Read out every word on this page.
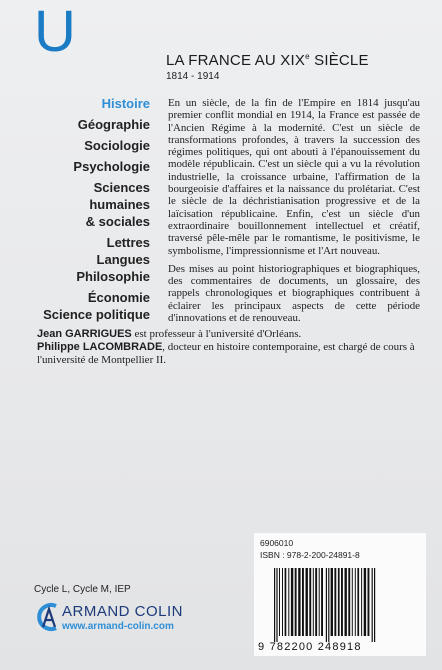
U	LA FRANCE AU XIXe SIÈCLE
1814 - 1914
Histoire
Géographie
Sociologie
Psychologie
Sciences
humaines
& sociales
Lettres
Langues
Philosophie
Économie
Science politique

En un siècle, de la fin de l'Empire en 1814 jusqu'au premier conflit mondial en 1914, la France est passée de l'Ancien Régime à la modernité. C'est un siècle de transformations profondes, à travers la succession des régimes politiques, qui ont abouti à l'épanouissement du modèle républicain. C'est un siècle qui a vu la révolution industrielle, la croissance urbaine, l'affirmation de la bourgeoisie d'affaires et la naissance du prolétariat. C'est le siècle de la déchristianisation progressive et de la laïcisation républicaine. Enfin, c'est un siècle d'un extraordinaire bouillonnement intellectuel et créatif, traversé pêle-mêle par le romantisme, le positivisme, le symbolisme, l'impressionnisme et l'Art nouveau.

Des mises au point historiographiques et biographiques, des commentaires de documents, un glossaire, des rappels chronologiques et biographiques contribuent à éclairer les principaux aspects de cette période d'innovations et de renouveau.

Jean GARRIGUES est professeur à l'université d'Orléans.

Philippe LACOMBRADE, docteur en histoire contemporaine, est chargé de cours à l'université de Montpellier II.

6906010
ISBN : 978-2-200-24891-8
9 782200 248918
Cycle L, Cycle M, IEP
ARMAND COLIN
www.armand-colin.com
